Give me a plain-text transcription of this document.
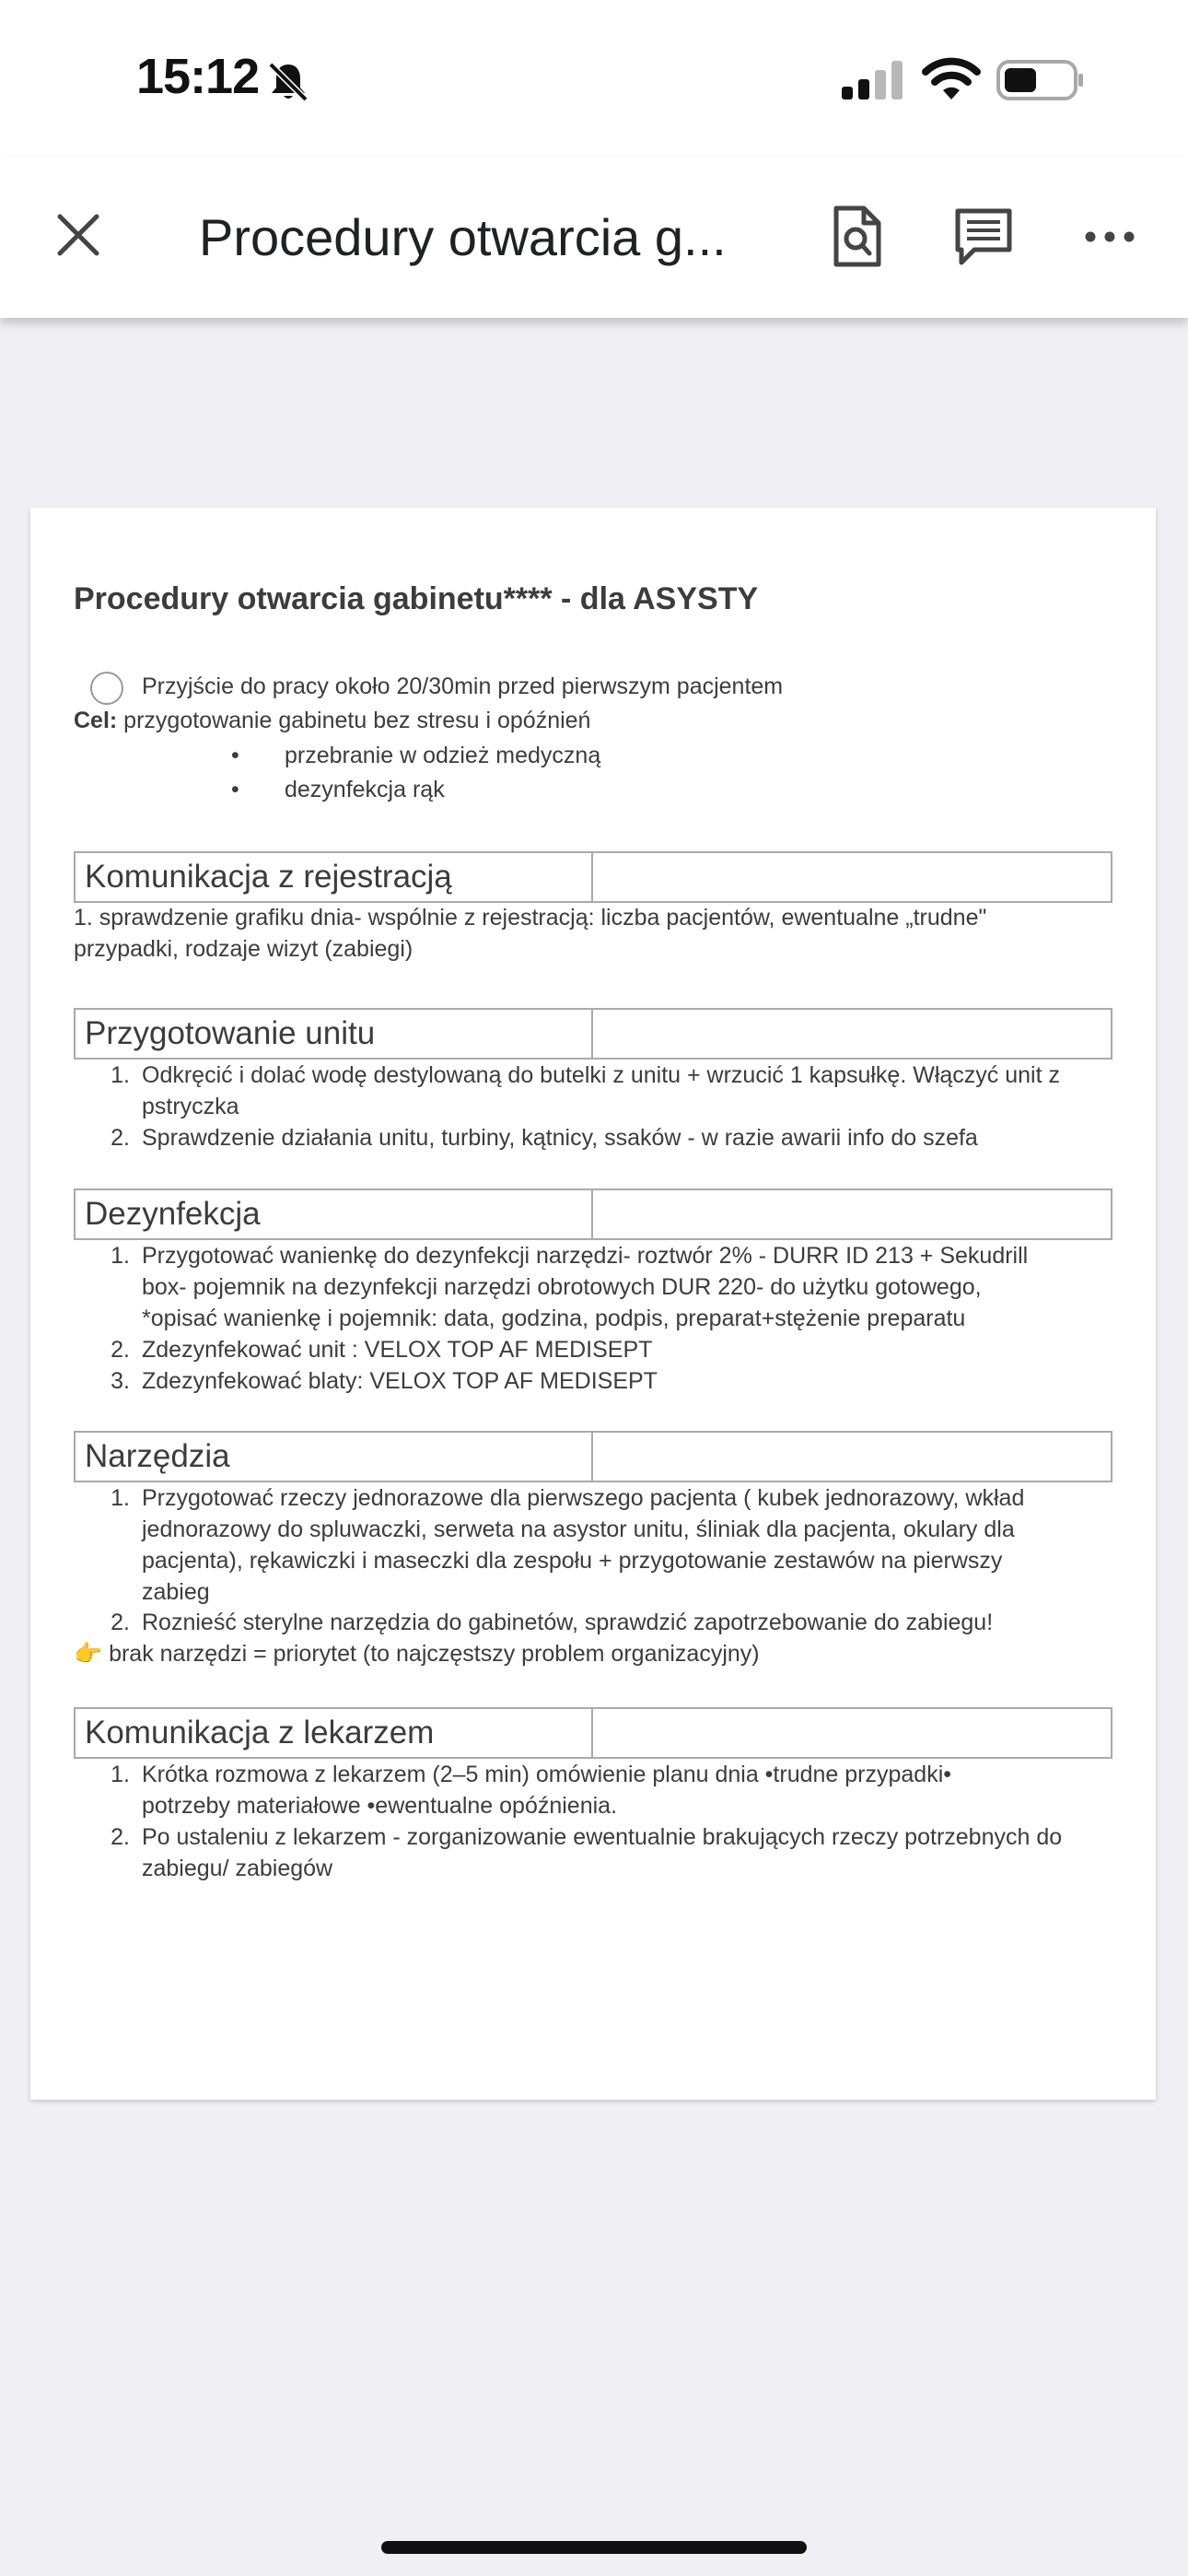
15:12
Procedury otwarcia g...
Procedury otwarcia gabinetu**** - dla ASYSTY
Przyjście do pracy około 20/30min przed pierwszym pacjentem
Cel: przygotowanie gabinetu bez stresu i opóźnień
• przebranie w odzież medyczną
• dezynfekcja rąk
Komunikacja z rejestracją
1. sprawdzenie grafiku dnia- wspólnie z rejestracją: liczba pacjentów, ewentualne „trudne"
przypadki, rodzaje wizyt (zabiegi)
Przygotowanie unitu
1. Odkręcić i dolać wodę destylowaną do butelki z unitu + wrzucić 1 kapsułkę. Włączyć unit z
pstryczka
2. Sprawdzenie działania unitu, turbiny, kątnicy, ssaków - w razie awarii info do szefa
Dezynfekcja
1. Przygotować wanienkę do dezynfekcji narzędzi- roztwór 2% - DURR ID 213 + Sekudrill
box- pojemnik na dezynfekcji narzędzi obrotowych DUR 220- do użytku gotowego,
*opisać wanienkę i pojemnik: data, godzina, podpis, preparat+stężenie preparatu
2. Zdezynfekować unit : VELOX TOP AF MEDISEPT
3. Zdezynfekować blaty: VELOX TOP AF MEDISEPT
Narzędzia
1. Przygotować rzeczy jednorazowe dla pierwszego pacjenta ( kubek jednorazowy, wkład
jednorazowy do spluwaczki, serweta na asystor unitu, śliniak dla pacjenta, okulary dla
pacjenta), rękawiczki i maseczki dla zespołu + przygotowanie zestawów na pierwszy
zabieg
2. Roznieść sterylne narzędzia do gabinetów, sprawdzić zapotrzebowanie do zabiegu!
👉 brak narzędzi = priorytet (to najczęstszy problem organizacyjny)
Komunikacja z lekarzem
1. Krótka rozmowa z lekarzem (2–5 min) omówienie planu dnia •trudne przypadki•
potrzeby materiałowe •ewentualne opóźnienia.
2. Po ustaleniu z lekarzem - zorganizowanie ewentualnie brakujących rzeczy potrzebnych do
zabiegu/ zabiegów
